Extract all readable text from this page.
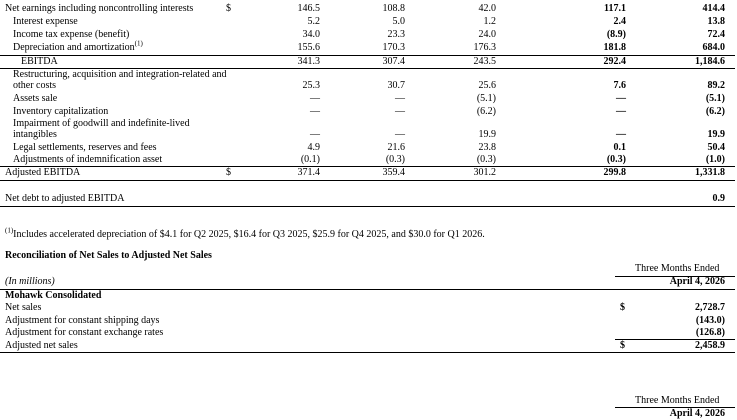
Net earnings including noncontrolling interests	$	146.5	108.8	42.0	117.1	414.4
Interest expense	5.2	5.0	1.2	2.4	13.8
Income tax expense (benefit)	34.0	23.3	24.0	(8.9)	72.4
Depreciation and amortization$^{(1)}$	155.6	170.3	176.3	181.8	684.0
EBITDA	341.3	307.4	243.5	292.4	1,184.6
Restructuring, acquisition and integration-related and
other costs	25.3	30.7	25.6	7.6	89.2
Assets sale	—	—	(5.1)	—	(5.1)
Inventory capitalization	—	—	(6.2)	—	(6.2)
Impairment of goodwill and indefinite-lived
intangibles	—	—	19.9	—	19.9
Legal settlements, reserves and fees	4.9	21.6	23.8	0.1	50.4
Adjustments of indemnification asset	(0.1)	(0.3)	(0.3)	(0.3)	(1.0)
Adjusted EBITDA	$	371.4	359.4	301.2	299.8	1,331.8
Net debt to adjusted EBITDA	0.9
$^{(1)}$Includes accelerated depreciation of $4.1 for Q2 2025, $16.4 for Q3 2025, $25.9 for Q4 2025, and $30.0 for Q1 2026.
Reconciliation of Net Sales to Adjusted Net Sales
Three Months Ended
(In millions)	April 4, 2026
Mohawk Consolidated
Net sales	$	2,728.7
Adjustment for constant shipping days	(143.0)
Adjustment for constant exchange rates	(126.8)
Adjusted net sales	$	2,458.9
Three Months Ended
April 4, 2026
